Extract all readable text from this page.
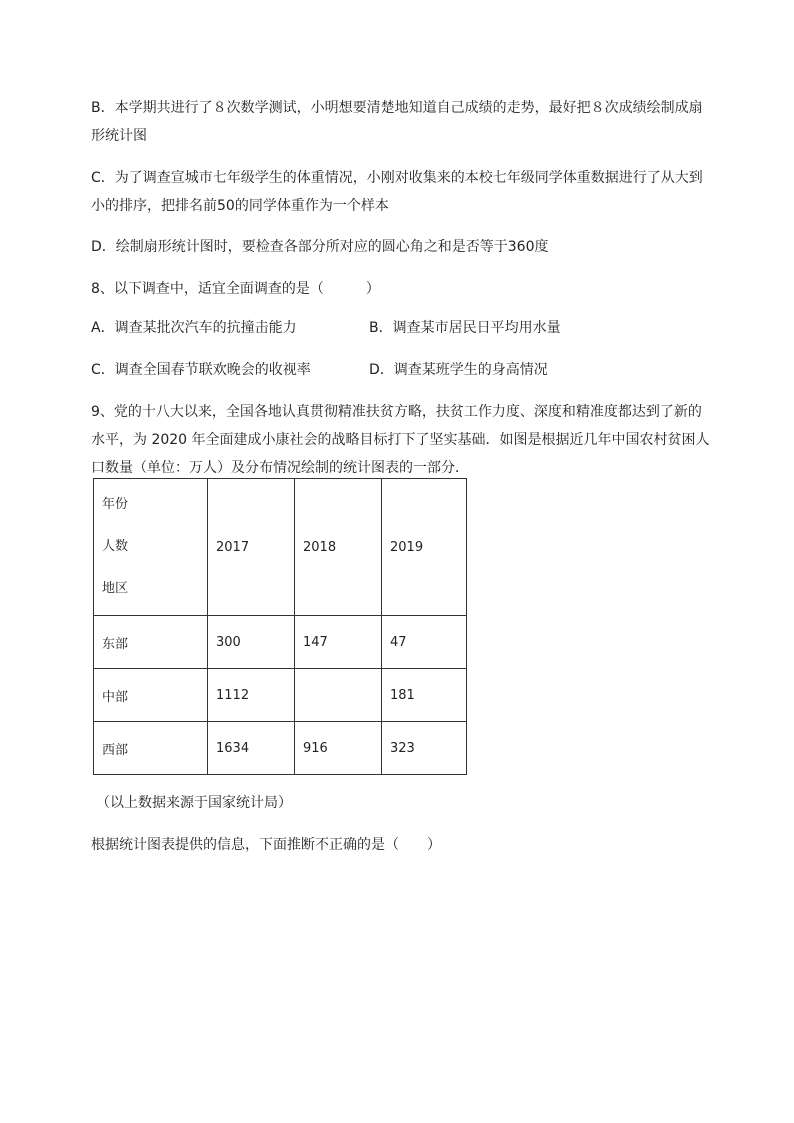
B．本学期共进行了８次数学测试，小明想要清楚地知道自己成绩的走势，最好把８次成绩绘制成扇
形统计图

C．为了调查宣城市七年级学生的体重情况，小刚对收集来的本校七年级同学体重数据进行了从大到
小的排序，把排名前50的同学体重作为一个样本

D．绘制扇形统计图时，要检查各部分所对应的圆心角之和是否等于360度

8、以下调查中，适宜全面调查的是（　　　）

A．调查某批次汽车的抗撞击能力	B．调查某市居民日平均用水量
C．调查全国春节联欢晚会的收视率	D．调查某班学生的身高情况

9、党的十八大以来，全国各地认真贯彻精准扶贫方略，扶贫工作力度、深度和精准度都达到了新的
水平，为 2020 年全面建成小康社会的战略目标打下了坚实基础．如图是根据近几年中国农村贫困人
口数量（单位：万人）及分布情况绘制的统计图表的一部分．

年份
人数
地区	2017	2018	2019
东部	300	147	47
中部	1112		181
西部	1634	916	323
（以上数据来源于国家统计局）
根据统计图表提供的信息，下面推断不正确的是（　　）
